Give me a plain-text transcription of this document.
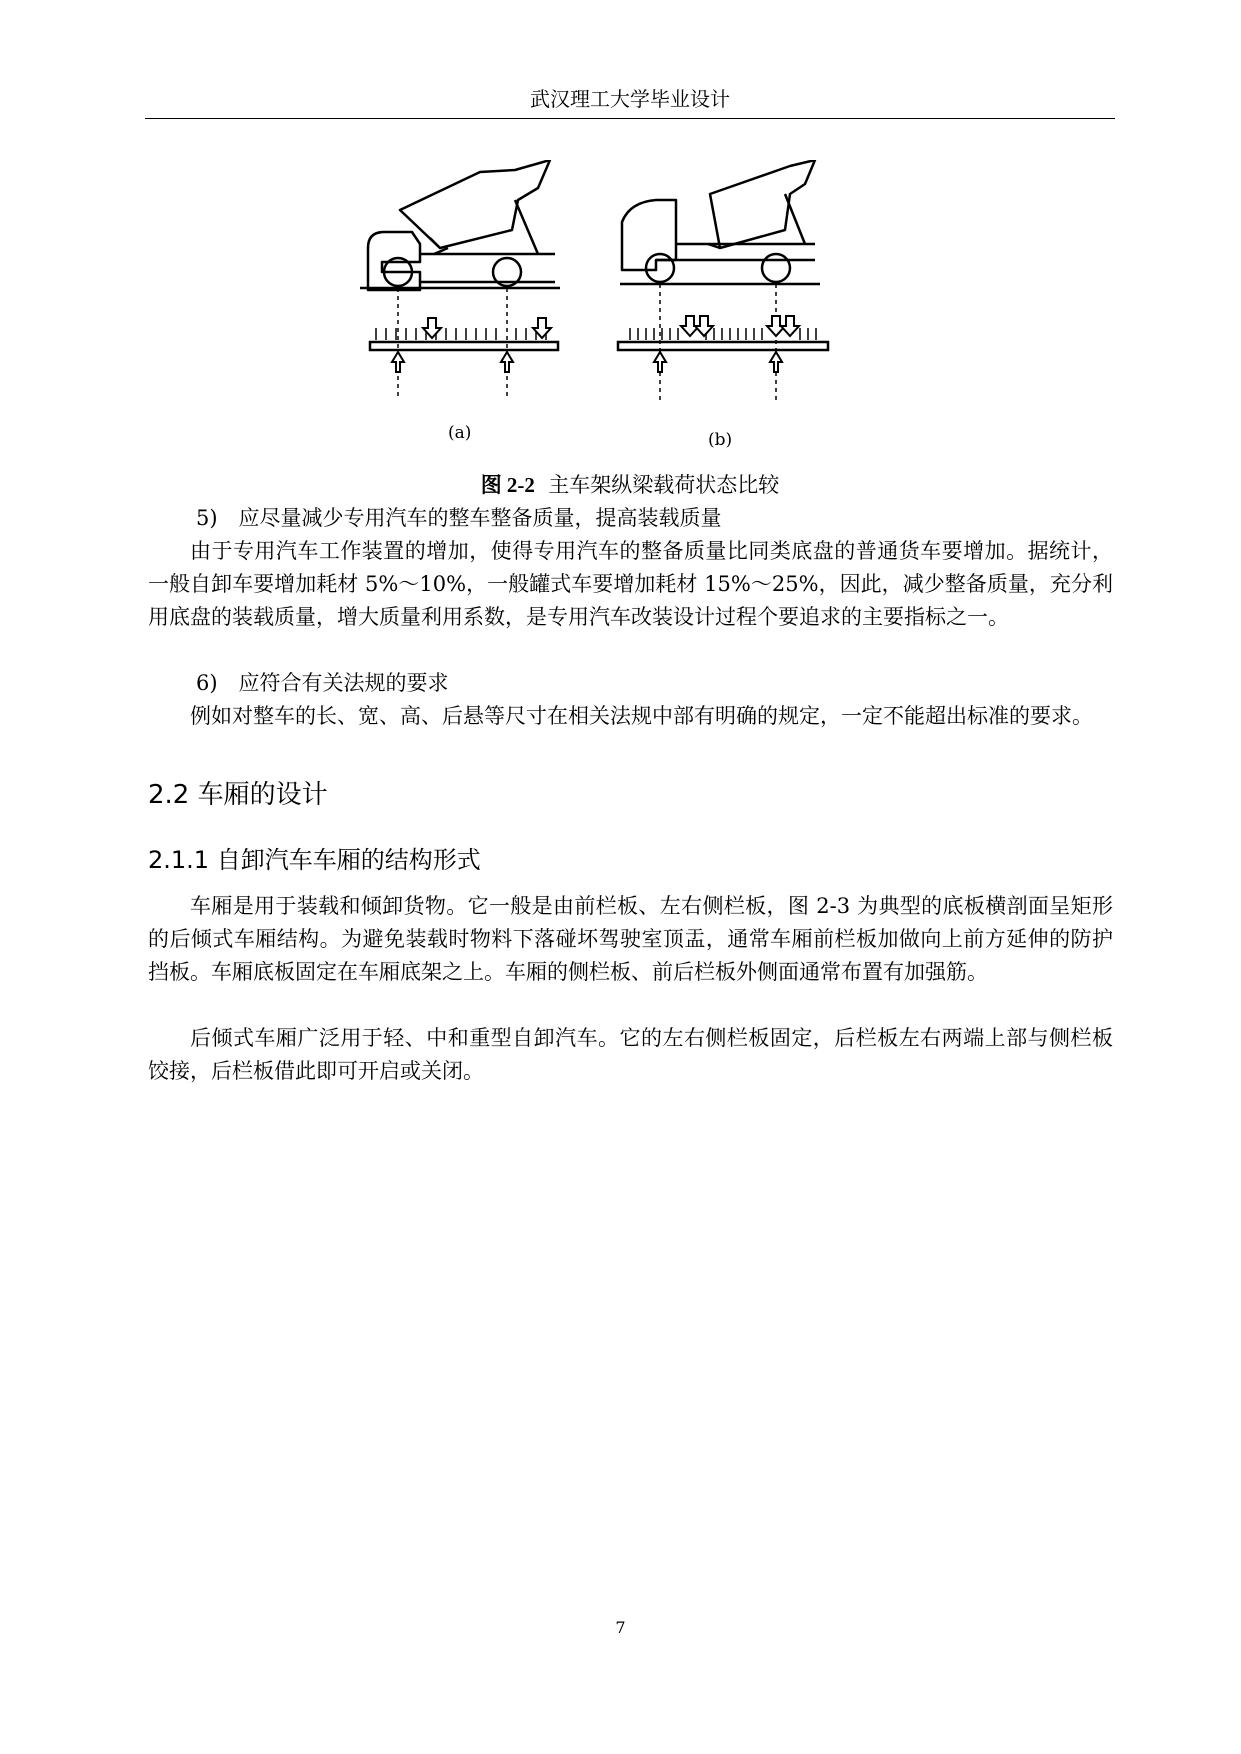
武汉理工大学毕业设计
(a)	(b)
图 2-2 主车架纵梁载荷状态比较
5)　应尽量减少专用汽车的整车整备质量，提高装载质量
由于专用汽车工作装置的增加，使得专用汽车的整备质量比同类底盘的普通货车要增加。据统计，一般自卸车要增加耗材 5%～10%，一般罐式车要增加耗材 15%～25%，因此，减少整备质量，充分利用底盘的装载质量，增大质量利用系数，是专用汽车改装设计过程个要追求的主要指标之一。
6)　应符合有关法规的要求
例如对整车的长、宽、高、后悬等尺寸在相关法规中部有明确的规定，一定不能超出标准的要求。
2.2 车厢的设计
2.1.1 自卸汽车车厢的结构形式
车厢是用于装载和倾卸货物。它一般是由前栏板、左右侧栏板，图 2-3 为典型的底板横剖面呈矩形的后倾式车厢结构。为避免装载时物料下落碰坏驾驶室顶盂，通常车厢前栏板加做向上前方延伸的防护挡板。车厢底板固定在车厢底架之上。车厢的侧栏板、前后栏板外侧面通常布置有加强筋。
后倾式车厢广泛用于轻、中和重型自卸汽车。它的左右侧栏板固定，后栏板左右两端上部与侧栏板饺接，后栏板借此即可开启或关闭。
7
